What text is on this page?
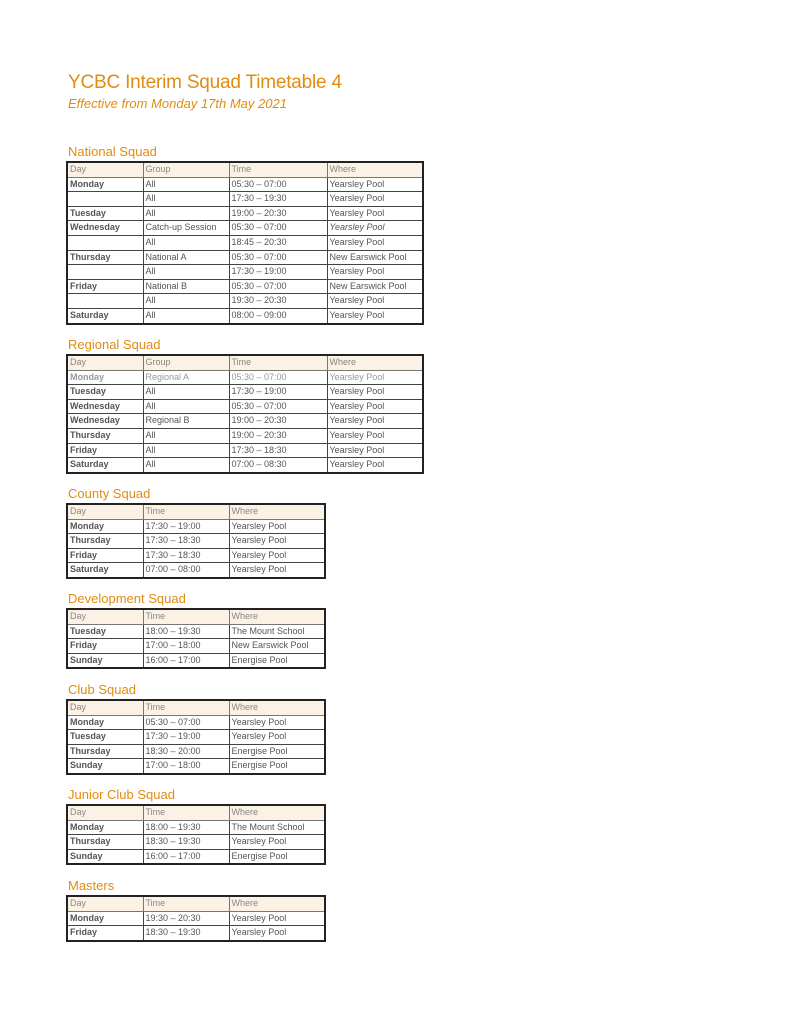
YCBC Interim Squad Timetable 4

Effective from Monday 17th May 2021

National Squad
Day	Group	Time	Where
Monday	All	05:30 – 07:00	Yearsley Pool
	All	17:30 – 19:30	Yearsley Pool
Tuesday	All	19:00 – 20:30	Yearsley Pool
Wednesday	Catch-up Session	05:30 – 07:00	Yearsley Pool
	All	18:45 – 20:30	Yearsley Pool
Thursday	National A	05:30 – 07:00	New Earswick Pool
	All	17:30 – 19:00	Yearsley Pool
Friday	National B	05:30 – 07:00	New Earswick Pool
	All	19:30 – 20:30	Yearsley Pool
Saturday	All	08:00 – 09:00	Yearsley Pool
Regional Squad
Day	Group	Time	Where
Monday	Regional A	05:30 – 07:00	Yearsley Pool
Tuesday	All	17:30 – 19:00	Yearsley Pool
Wednesday	All	05:30 – 07:00	Yearsley Pool
Wednesday	Regional B	19:00 – 20:30	Yearsley Pool
Thursday	All	19:00 – 20:30	Yearsley Pool
Friday	All	17:30 – 18:30	Yearsley Pool
Saturday	All	07:00 – 08:30	Yearsley Pool
County Squad
Day	Time	Where
Monday	17:30 – 19:00	Yearsley Pool
Thursday	17:30 – 18:30	Yearsley Pool
Friday	17:30 – 18:30	Yearsley Pool
Saturday	07:00 – 08:00	Yearsley Pool
Development Squad
Day	Time	Where
Tuesday	18:00 – 19:30	The Mount School
Friday	17:00 – 18:00	New Earswick Pool
Sunday	16:00 – 17:00	Energise Pool
Club Squad
Day	Time	Where
Monday	05:30 – 07:00	Yearsley Pool
Tuesday	17:30 – 19:00	Yearsley Pool
Thursday	18:30 – 20:00	Energise Pool
Sunday	17:00 – 18:00	Energise Pool
Junior Club Squad
Day	Time	Where
Monday	18:00 – 19:30	The Mount School
Thursday	18:30 – 19:30	Yearsley Pool
Sunday	16:00 – 17:00	Energise Pool
Masters
Day	Time	Where
Monday	19:30 – 20:30	Yearsley Pool
Friday	18:30 – 19:30	Yearsley Pool
